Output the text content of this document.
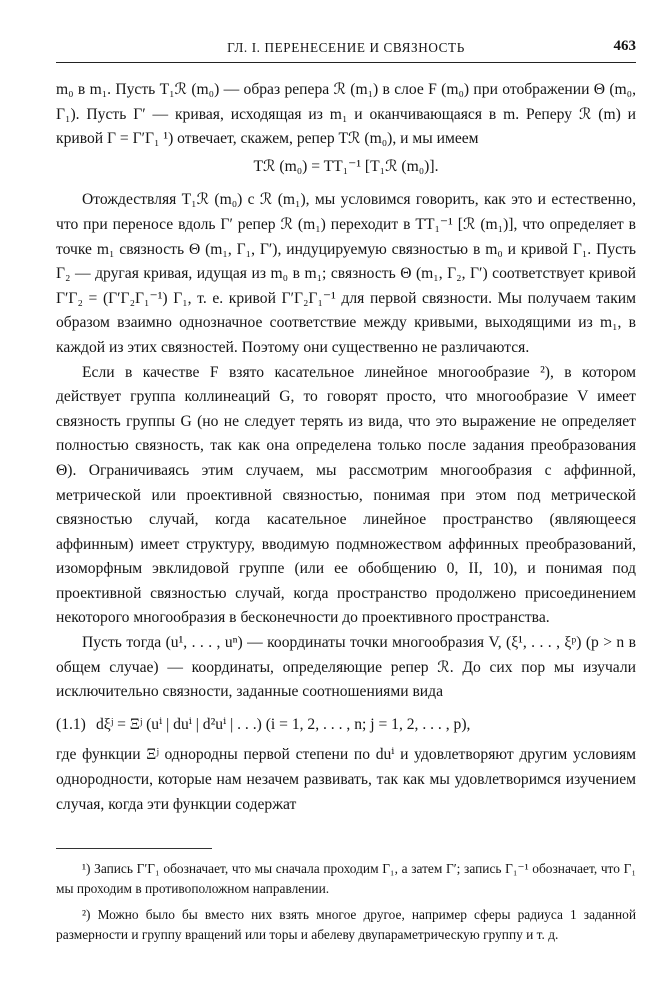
ГЛ. I. ПЕРЕНЕСЕНИЕ И СВЯЗНОСТЬ	463

m₀ в m₁. Пусть T₁ℛ (m₀) — образ репера ℛ (m₁) в слое F (m₀) при отображении Θ (m₀, Γ₁). Пусть Γ′ — кривая, исходящая из m₁ и оканчивающаяся в m. Реперу ℛ (m) и кривой Γ = Γ′Γ₁ ¹) отвечает, скажем, репер Tℛ (m₀), и мы имеем

Tℛ (m₀) = TT₁⁻¹ [T₁ℛ (m₀)].

Отождествляя T₁ℛ (m₀) с ℛ (m₁), мы условимся говорить, как это и естественно, что при переносе вдоль Γ′ репер ℛ (m₁) переходит в TT₁⁻¹ [ℛ (m₁)], что определяет в точке m₁ связность Θ (m₁, Γ₁, Γ′), индуцируемую связностью в m₀ и кривой Γ₁. Пусть Γ₂ — другая кривая, идущая из m₀ в m₁; связность Θ (m₁, Γ₂, Γ′) соответствует кривой Γ′Γ₂ = (Γ′Γ₂Γ₁⁻¹) Γ₁, т. е. кривой Γ′Γ₂Γ₁⁻¹ для первой связности. Мы получаем таким образом взаимно однозначное соответствие между кривыми, выходящими из m₁, в каждой из этих связностей. Поэтому они существенно не различаются.

Если в качестве F взято касательное линейное многообразие ²), в котором действует группа коллинеаций G, то говорят просто, что многообразие V имеет связность группы G (но не следует терять из вида, что это выражение не определяет полностью связность, так как она определена только после задания преобразования Θ). Ограничиваясь этим случаем, мы рассмотрим многообразия с аффинной, метрической или проективной связностью, понимая при этом под метрической связностью случай, когда касательное линейное пространство (являющееся аффинным) имеет структуру, вводимую подмножеством аффинных преобразований, изоморфным эвклидовой группе (или ее обобщению 0, II, 10), и понимая под проективной связностью случай, когда пространство продолжено присоединением некоторого многообразия в бесконечности до проективного пространства.

Пусть тогда (u¹, . . . , uⁿ) — координаты точки многообразия V, (ξ¹, . . . , ξᵖ) (p > n в общем случае) — координаты, определяющие репер ℛ. До сих пор мы изучали исключительно связности, заданные соотношениями вида

(1.1) dξʲ = Ξʲ (uⁱ | duⁱ | d²uⁱ | . . .) (i = 1, 2, . . . , n; j = 1, 2, . . . , p),

где функции Ξʲ однородны первой степени по duⁱ и удовлетворяют другим условиям однородности, которые нам незачем развивать, так как мы удовлетворимся изучением случая, когда эти функции содержат

¹) Запись Γ′Γ₁ обозначает, что мы сначала проходим Γ₁, а затем Γ′; запись Γ₁⁻¹ обозначает, что Γ₁ мы проходим в противоположном направлении.

²) Можно было бы вместо них взять многое другое, например сферы радиуса 1 заданной размерности и группу вращений или торы и абелеву двупараметрическую группу и т. д.
